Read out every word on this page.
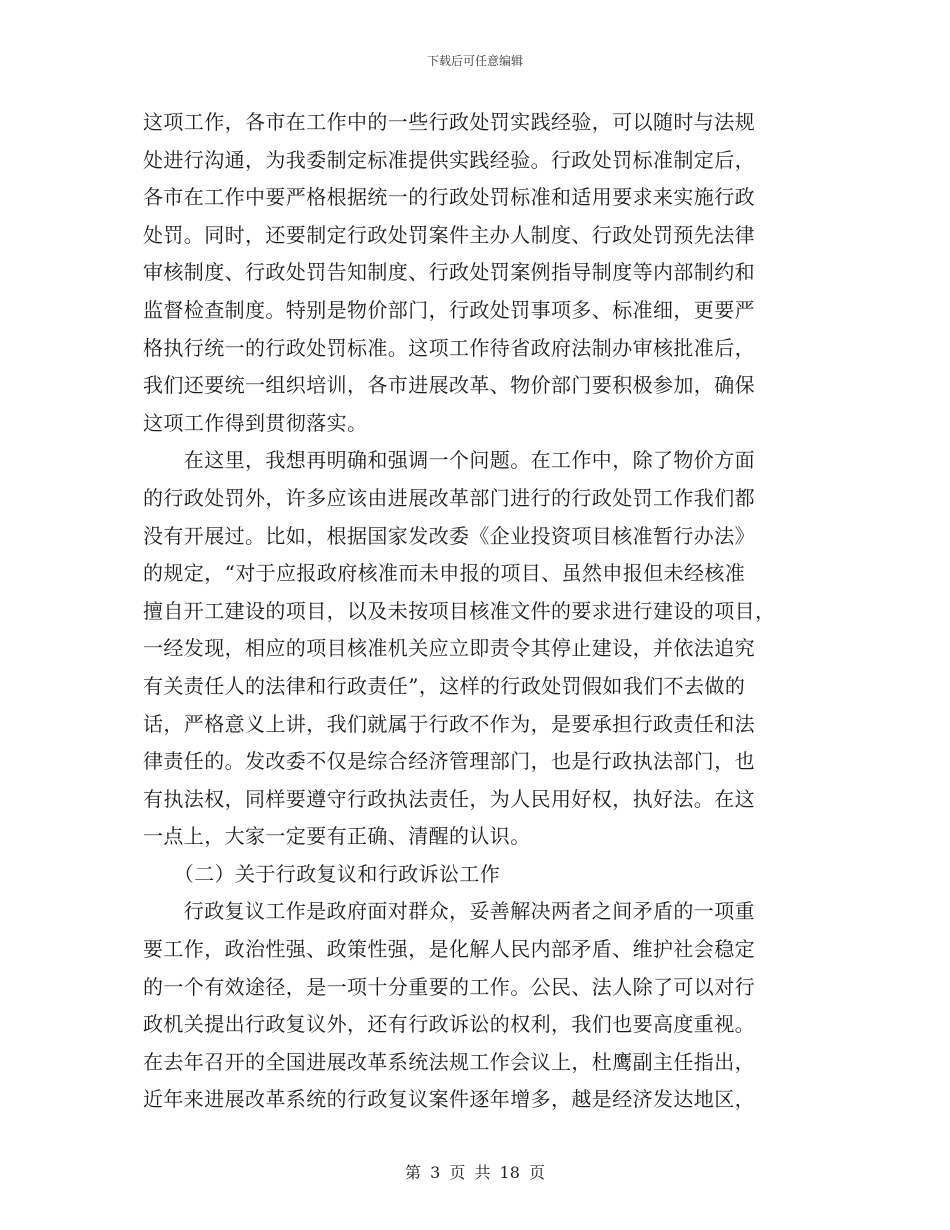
下载后可任意编辑
这项工作，各市在工作中的一些行政处罚实践经验，可以随时与法规
处进行沟通，为我委制定标准提供实践经验。行政处罚标准制定后，
各市在工作中要严格根据统一的行政处罚标准和适用要求来实施行政
处罚。同时，还要制定行政处罚案件主办人制度、行政处罚预先法律
审核制度、行政处罚告知制度、行政处罚案例指导制度等内部制约和
监督检查制度。特别是物价部门，行政处罚事项多、标准细，更要严
格执行统一的行政处罚标准。这项工作待省政府法制办审核批准后，
我们还要统一组织培训，各市进展改革、物价部门要积极参加，确保
这项工作得到贯彻落实。
　　在这里，我想再明确和强调一个问题。在工作中，除了物价方面
的行政处罚外，许多应该由进展改革部门进行的行政处罚工作我们都
没有开展过。比如，根据国家发改委《企业投资项目核准暂行办法》
的规定，“对于应报政府核准而未申报的项目、虽然申报但未经核准
擅自开工建设的项目，以及未按项目核准文件的要求进行建设的项目，
一经发现，相应的项目核准机关应立即责令其停止建设，并依法追究
有关责任人的法律和行政责任”，这样的行政处罚假如我们不去做的
话，严格意义上讲，我们就属于行政不作为，是要承担行政责任和法
律责任的。发改委不仅是综合经济管理部门，也是行政执法部门，也
有执法权，同样要遵守行政执法责任，为人民用好权，执好法。在这
一点上，大家一定要有正确、清醒的认识。
　　（二）关于行政复议和行政诉讼工作
　　行政复议工作是政府面对群众，妥善解决两者之间矛盾的一项重
要工作，政治性强、政策性强，是化解人民内部矛盾、维护社会稳定
的一个有效途径，是一项十分重要的工作。公民、法人除了可以对行
政机关提出行政复议外，还有行政诉讼的权利，我们也要高度重视。
在去年召开的全国进展改革系统法规工作会议上，杜鹰副主任指出，
近年来进展改革系统的行政复议案件逐年增多，越是经济发达地区，
第 3 页 共 18 页
